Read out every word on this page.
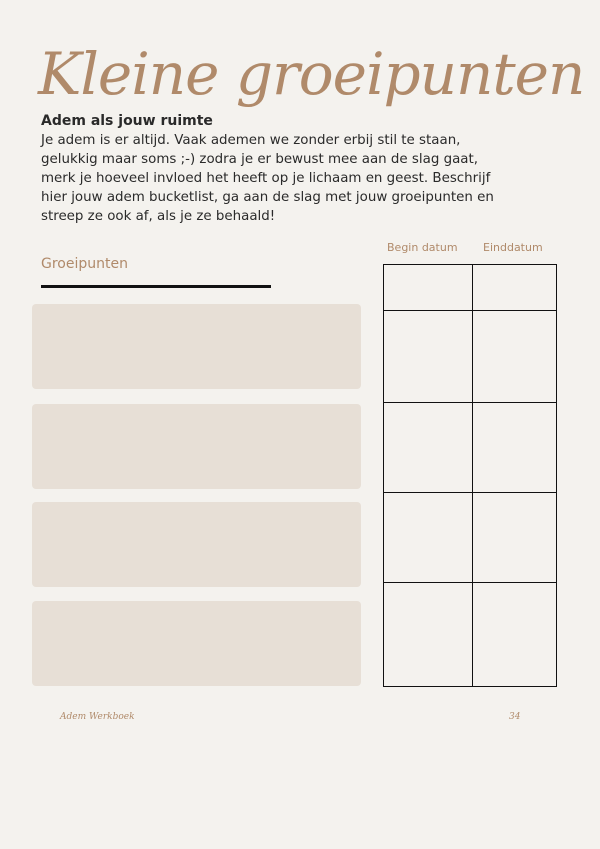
Kleine groeipunten
Adem als jouw ruimte
Je adem is er altijd. Vaak ademen we zonder erbij stil te staan, gelukkig maar soms ;-) zodra je er bewust mee aan de slag gaat, merk je hoeveel invloed het heeft op je lichaam en geest. Beschrijf hier jouw adem bucketlist, ga aan de slag met jouw groeipunten en streep ze ook af, als je ze behaald!
Groeipunten
Begin datum Einddatum
Adem Werkboek	34
